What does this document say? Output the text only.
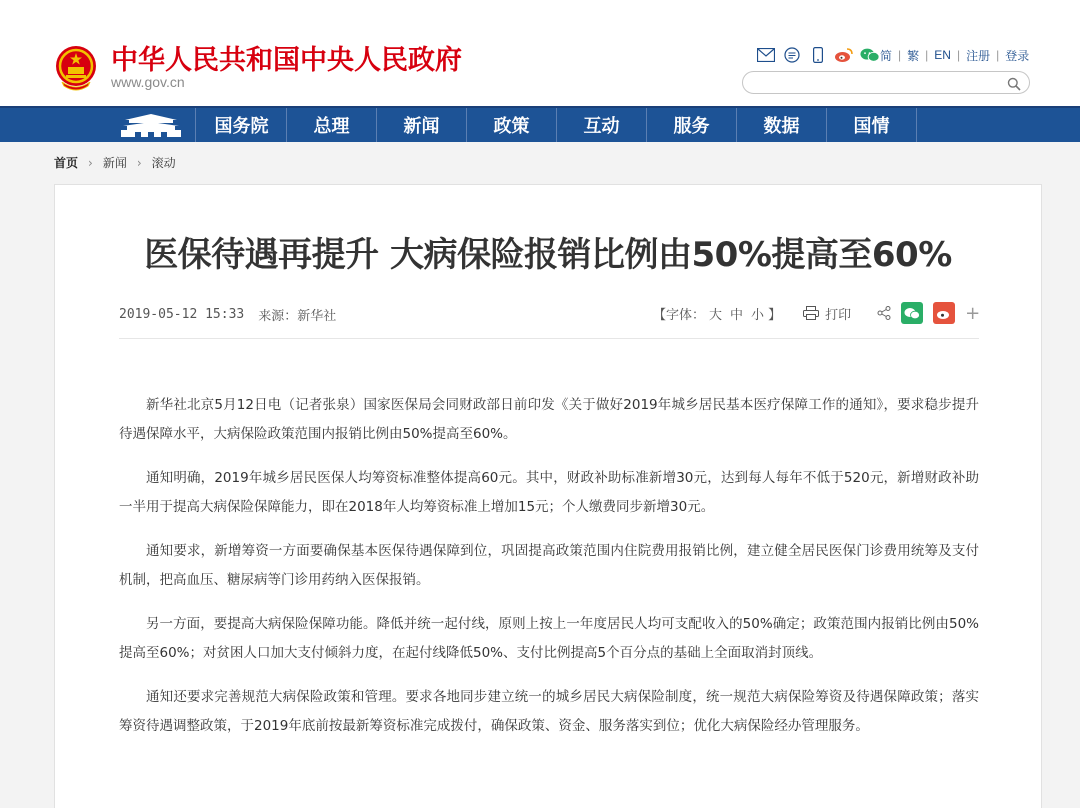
中华人民共和国中央人民政府
www.gov.cn
简 | 繁 | EN | 注册 | 登录
国务院	总理	新闻	政策	互动	服务	数据	国情
首页 › 新闻 › 滚动
医保待遇再提升 大病保险报销比例由50%提高至60%
2019-05-12 15:33 来源： 新华社	【字体： 大 中 小 】	打印	+

新华社北京5月12日电（记者张泉）国家医保局会同财政部日前印发《关于做好2019年城乡居民基本医疗保障工作的通知》，要求稳步提升待遇保障水平，大病保险政策范围内报销比例由50%提高至60%。

通知明确，2019年城乡居民医保人均筹资标准整体提高60元。其中，财政补助标准新增30元，达到每人每年不低于520元，新增财政补助一半用于提高大病保险保障能力，即在2018年人均筹资标准上增加15元；个人缴费同步新增30元。

通知要求，新增筹资一方面要确保基本医保待遇保障到位，巩固提高政策范围内住院费用报销比例，建立健全居民医保门诊费用统筹及支付机制，把高血压、糖尿病等门诊用药纳入医保报销。

另一方面，要提高大病保险保障功能。降低并统一起付线，原则上按上一年度居民人均可支配收入的50%确定；政策范围内报销比例由50%提高至60%；对贫困人口加大支付倾斜力度，在起付线降低50%、支付比例提高5个百分点的基础上全面取消封顶线。

通知还要求完善规范大病保险政策和管理。要求各地同步建立统一的城乡居民大病保险制度，统一规范大病保险筹资及待遇保障政策；落实筹资待遇调整政策，于2019年底前按最新筹资标准完成拨付，确保政策、资金、服务落实到位；优化大病保险经办管理服务。
